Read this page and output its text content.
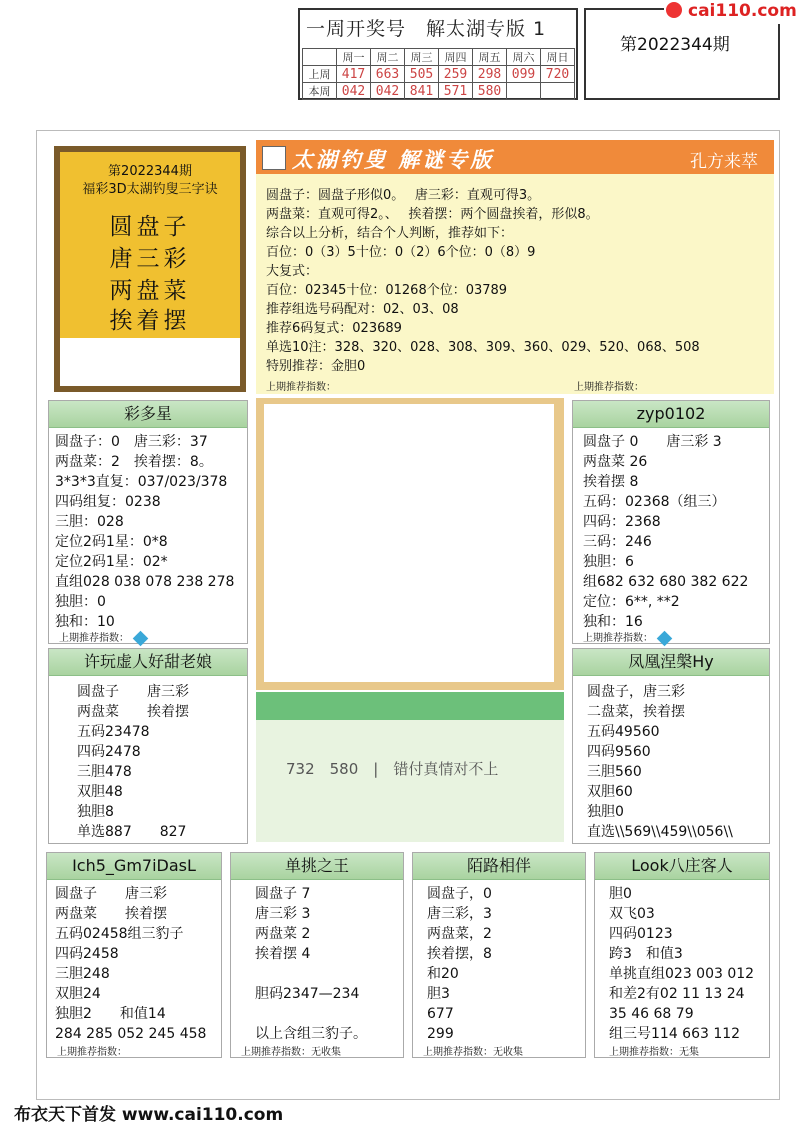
一周开奖号　解太湖专版 1
	周一	周二	周三	周四	周五	周六	周日
上周	417	663	505	259	298	099	720
本周	042	042	841	571	580		
第2022344期
cai110.com
第2022344期
福彩3D太湖钓叟三字诀
圆盘子
唐三彩
两盘菜
挨着摆
太湖钓叟 解谜专版	孔方来萃
圆盘子：圆盘子形似0。　 唐三彩：直观可得3。
两盘菜：直观可得2。、　 挨着摆：两个圆盘挨着，形似8。
综合以上分析，结合个人判断，推荐如下：
百位：0（3）5十位：0（2）6个位：0（8）9
大复式：
百位：02345十位：01268个位：03789
推荐组选号码配对：02、03、08
推荐6码复式：023689
单选10注：328、320、028、308、309、360、029、520、068、508
特别推荐：金胆0
上期推荐指数：	上期推荐指数：
彩多星
圆盘子：0　唐三彩：37
两盘菜：2　挨着摆：8。
3*3*3直复：037/023/378
四码组复：0238
三胆：028
定位2码1星：0*8
定位2码1星：02*
直组028 038 078 238 278
独胆：0
独和：10
上期推荐指数：
zyp0102
圆盘子 0　　唐三彩 3
两盘菜 26
挨着摆 8
五码：02368（组三）
四码：2368
三码：246
独胆：6
组682 632 680 382 622
定位：6**, **2
独和：16
上期推荐指数：
732　580　|　错付真情对不上
许玩虚人好甜老娘
圆盘子　　唐三彩
两盘菜　　挨着摆
五码23478
四码2478
三胆478
双胆48
独胆8
单选887　　827
凤凰涅槃Hy
圆盘子，唐三彩
二盘菜，挨着摆
五码49560
四码9560
三胆560
双胆60
独胆0
直选\\569\\459\\056\\
Ich5_Gm7iDasL
圆盘子　　唐三彩
两盘菜　　挨着摆
五码02458组三豹子
四码2458
三胆248
双胆24
独胆2　　和值14
284 285 052 245 458
上期推荐指数：
单挑之王
圆盘子 7
唐三彩 3
两盘菜 2
挨着摆 4
胆码2347—234
以上含组三豹子。
上期推荐指数：无收集
陌路相伴
圆盘子，0
唐三彩，3
两盘菜，2
挨着摆，8
和20
胆3
677
299
上期推荐指数：无收集
Look八庄客人
胆0
双飞03
四码0123
跨3　和值3
单挑直组023 003 012
和差2有02 11 13 24
35 46 68 79
组三号114 663 112
上期推荐指数：无集
布衣天下首发 www.cai110.com
